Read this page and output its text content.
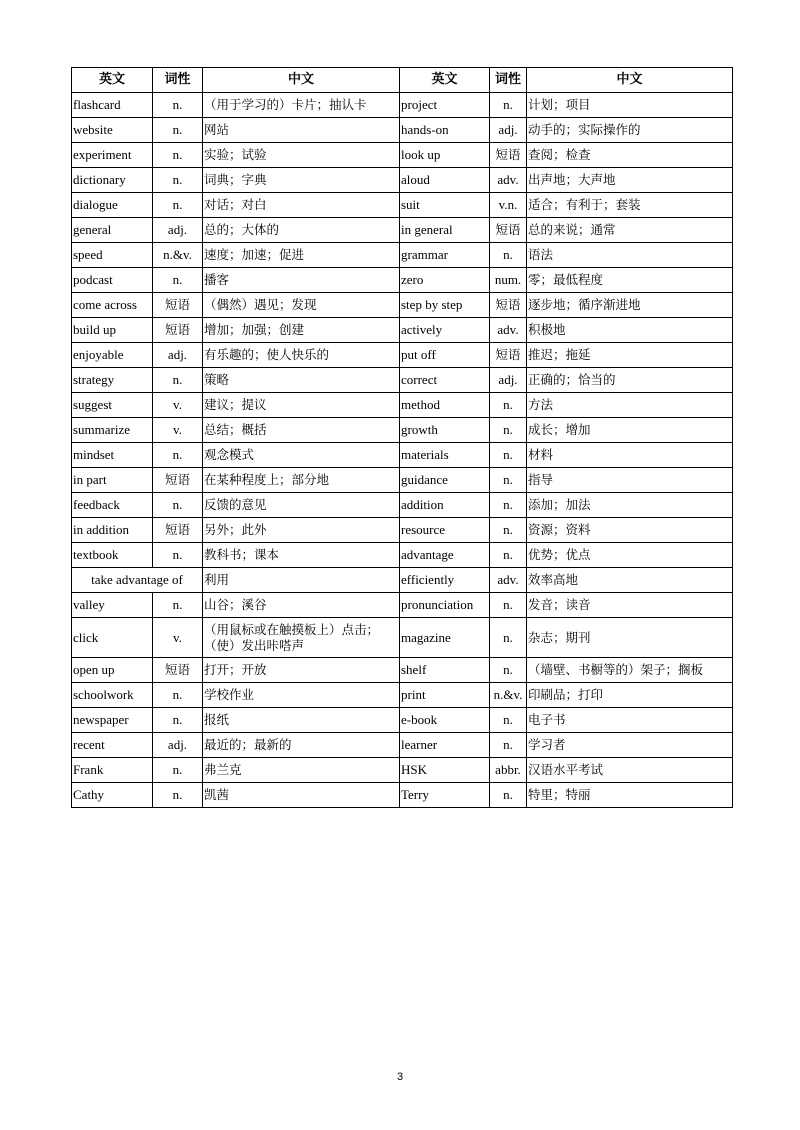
英文	词性	中文	英文	词性	中文
flashcard	n.	（用于学习的）卡片；抽认卡	project	n.	计划；项目
website	n.	网站	hands-on	adj.	动手的；实际操作的
experiment	n.	实验；试验	look up	短语	查阅；检查
dictionary	n.	词典；字典	aloud	adv.	出声地；大声地
dialogue	n.	对话；对白	suit	v.n.	适合；有利于；套装
general	adj.	总的；大体的	in general	短语	总的来说；通常
speed	n.&v.	速度；加速；促进	grammar	n.	语法
podcast	n.	播客	zero	num.	零；最低程度
come across	短语	（偶然）遇见；发现	step by step	短语	逐步地；循序渐进地
build up	短语	增加；加强；创建	actively	adv.	积极地
enjoyable	adj.	有乐趣的；使人快乐的	put off	短语	推迟；拖延
strategy	n.	策略	correct	adj.	正确的；恰当的
suggest	v.	建议；提议	method	n.	方法
summarize	v.	总结；概括	growth	n.	成长；增加
mindset	n.	观念模式	materials	n.	材料
in part	短语	在某种程度上；部分地	guidance	n.	指导
feedback	n.	反馈的意见	addition	n.	添加；加法
in addition	短语	另外；此外	resource	n.	资源；资料
textbook	n.	教科书；课本	advantage	n.	优势；优点
take advantage of		利用	efficiently	adv.	效率高地
valley	n.	山谷；溪谷	pronunciation	n.	发音；读音
click	v.	（用鼠标或在触摸板上）点击；（使）发出咔嗒声	magazine	n.	杂志；期刊
open up	短语	打开；开放	shelf	n.	（墙壁、书橱等的）架子；搁板
schoolwork	n.	学校作业	print	n.&v.	印刷品；打印
newspaper	n.	报纸	e-book	n.	电子书
recent	adj.	最近的；最新的	learner	n.	学习者
Frank	n.	弗兰克	HSK	abbr.	汉语水平考试
Cathy	n.	凯茜	Terry	n.	特里；特丽
3
